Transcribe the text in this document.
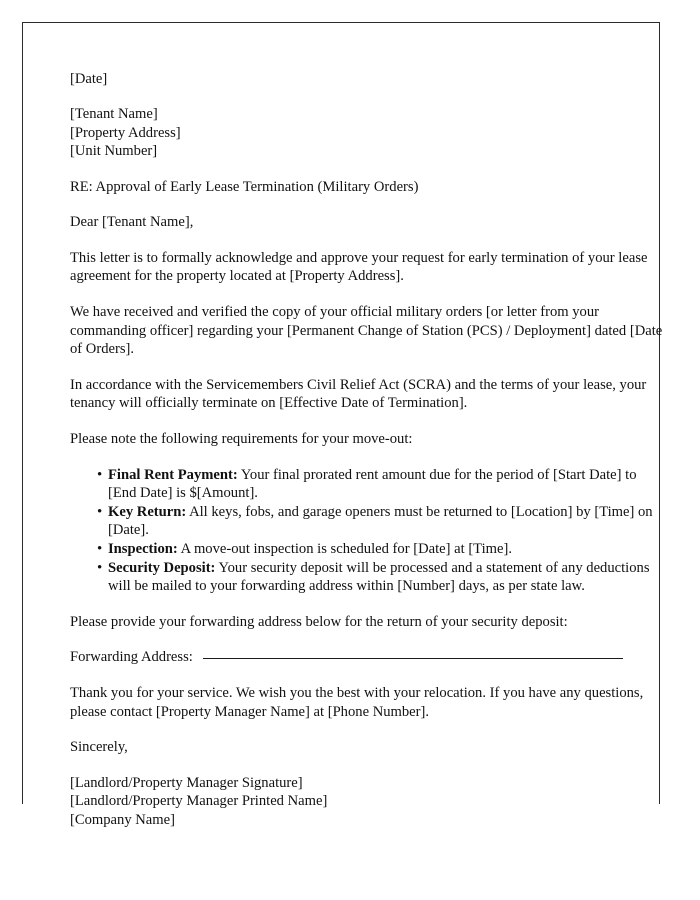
[Date]

[Tenant Name]

[Property Address]

[Unit Number]

RE: Approval of Early Lease Termination (Military Orders)

Dear [Tenant Name],

This letter is to formally acknowledge and approve your request for early termination of your lease agreement for the property located at [Property Address].

We have received and verified the copy of your official military orders [or letter from your commanding officer] regarding your [Permanent Change of Station (PCS) / Deployment] dated [Date of Orders].

In accordance with the Servicemembers Civil Relief Act (SCRA) and the terms of your lease, your tenancy will officially terminate on [Effective Date of Termination].

Please note the following requirements for your move-out:

• Final Rent Payment: Your final prorated rent amount due for the period of [Start Date] to [End Date] is $[Amount].
• Key Return: All keys, fobs, and garage openers must be returned to [Location] by [Time] on [Date].
• Inspection: A move-out inspection is scheduled for [Date] at [Time].
• Security Deposit: Your security deposit will be processed and a statement of any deductions will be mailed to your forwarding address within [Number] days, as per state law.

Please provide your forwarding address below for the return of your security deposit:

Forwarding Address:

Thank you for your service. We wish you the best with your relocation. If you have any questions, please contact [Property Manager Name] at [Phone Number].

Sincerely,

[Landlord/Property Manager Signature]

[Landlord/Property Manager Printed Name]

[Company Name]
